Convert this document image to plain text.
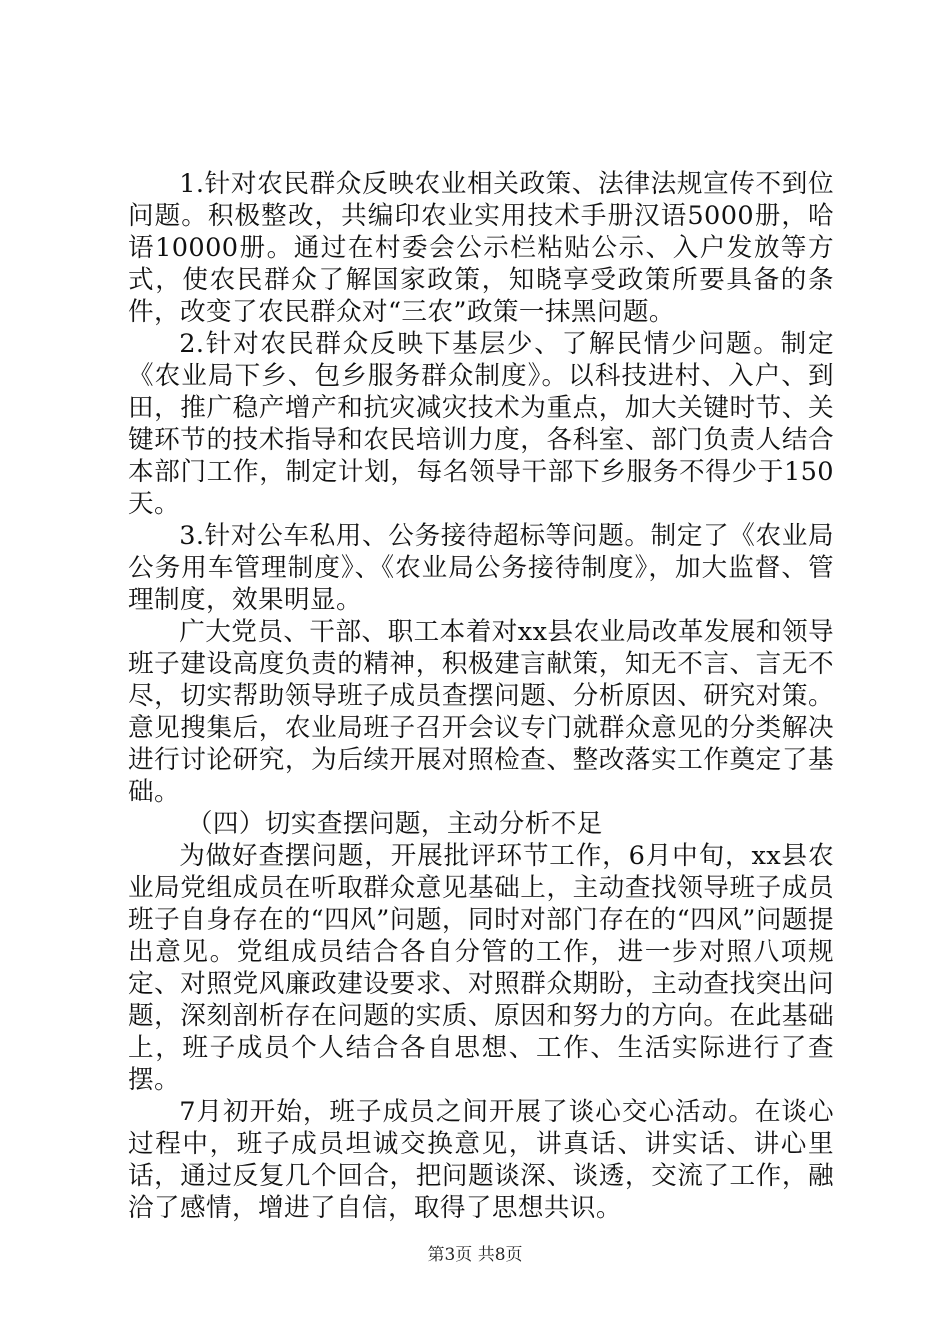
1.针对农民群众反映农业相关政策、法律法规宣传不到位问题。积极整改，共编印农业实用技术手册汉语5000册，哈语10000册。通过在村委会公示栏粘贴公示、入户发放等方式，使农民群众了解国家政策，知晓享受政策所要具备的条件，改变了农民群众对“三农”政策一抹黑问题。

2.针对农民群众反映下基层少、了解民情少问题。制定《农业局下乡、包乡服务群众制度》。以科技进村、入户、到田，推广稳产增产和抗灾减灾技术为重点，加大关键时节、关键环节的技术指导和农民培训力度，各科室、部门负责人结合本部门工作，制定计划，每名领导干部下乡服务不得少于150天。

3.针对公车私用、公务接待超标等问题。制定了《农业局公务用车管理制度》、《农业局公务接待制度》，加大监督、管理制度，效果明显。

广大党员、干部、职工本着对xx县农业局改革发展和领导班子建设高度负责的精神，积极建言献策，知无不言、言无不尽，切实帮助领导班子成员查摆问题、分析原因、研究对策。意见搜集后，农业局班子召开会议专门就群众意见的分类解决进行讨论研究，为后续开展对照检查、整改落实工作奠定了基础。

（四）切实查摆问题，主动分析不足

为做好查摆问题，开展批评环节工作，6月中旬，xx县农业局党组成员在听取群众意见基础上，主动查找领导班子成员班子自身存在的“四风”问题，同时对部门存在的“四风”问题提出意见。党组成员结合各自分管的工作，进一步对照八项规定、对照党风廉政建设要求、对照群众期盼，主动查找突出问题，深刻剖析存在问题的实质、原因和努力的方向。在此基础上，班子成员个人结合各自思想、工作、生活实际进行了查摆。

7月初开始，班子成员之间开展了谈心交心活动。在谈心过程中，班子成员坦诚交换意见，讲真话、讲实话、讲心里话，通过反复几个回合，把问题谈深、谈透，交流了工作，融洽了感情，增进了自信，取得了思想共识。

第3页 共8页
